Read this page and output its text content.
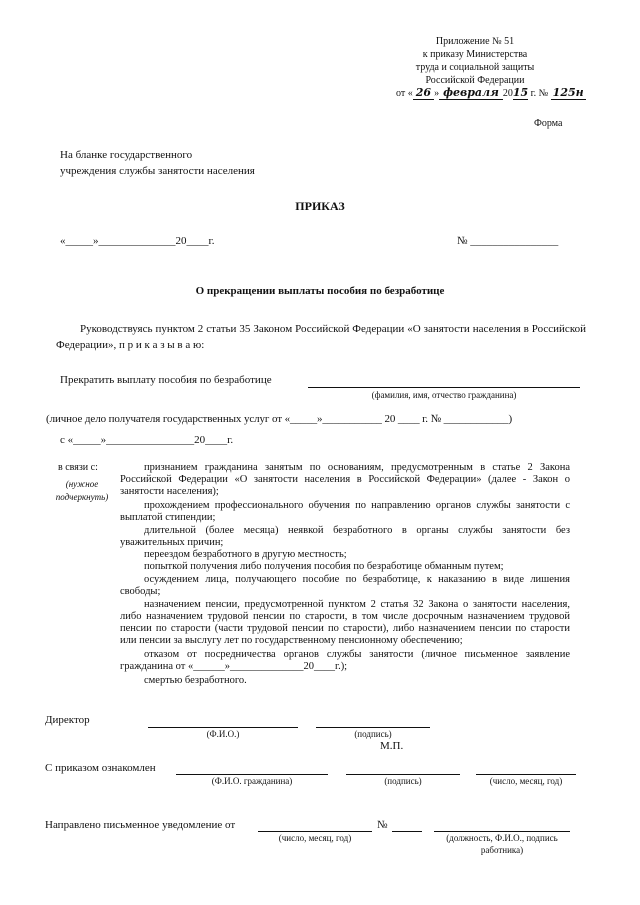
Приложение № 51
к приказу Министерства
труда и социальной защиты
Российской Федерации
от « 26 » февраля 2015 г. № 125н
Форма
На бланке государственного
учреждения службы занятости населения
ПРИКАЗ
«_____»______________20____г.	№ ________________
О прекращении выплаты пособия по безработице
Руководствуясь пунктом 2 статьи 35 Законом Российской Федерации «О занятости населения в Российской Федерации», п р и к а з ы в а ю:
Прекратить выплату пособия по безработице
(фамилия, имя, отчество гражданина)
(личное дело получателя государственных услуг от «_____»___________ 20 ____ г. № ____________)
с «_____»________________20____г.
в связи с:
(нужное
подчеркнуть)
признанием гражданина занятым по основаниям, предусмотренным в статье 2 Закона Российской Федерации «О занятости населения в Российской Федерации» (далее - Закон о занятости населения);
прохождением профессионального обучения по направлению органов службы занятости с выплатой стипендии;
длительной (более месяца) неявкой безработного в органы службы занятости без уважительных причин;
переездом безработного в другую местность;
попыткой получения либо получения пособия по безработице обманным путем;
осуждением лица, получающего пособие по безработице, к наказанию в виде лишения свободы;
назначением пенсии, предусмотренной пунктом 2 статья 32 Закона о занятости населения, либо назначением трудовой пенсии по старости, в том числе досрочным назначением трудовой пенсии по старости (части трудовой пенсии по старости), либо назначением пенсии по старости или пенсии за выслугу лет по государственному пенсионному обеспечению;
отказом от посредничества органов службы занятости (личное письменное заявление гражданина от «______»______________20____г.);
смертью безработного.
Директор
(Ф.И.О.)	(подпись)
М.П.
С приказом ознакомлен
(Ф.И.О. гражданина)	(подпись)	(число, месяц, год)
Направлено письменное уведомление от
(число, месяц, год)
№
(должность, Ф.И.О., подпись
работника)
